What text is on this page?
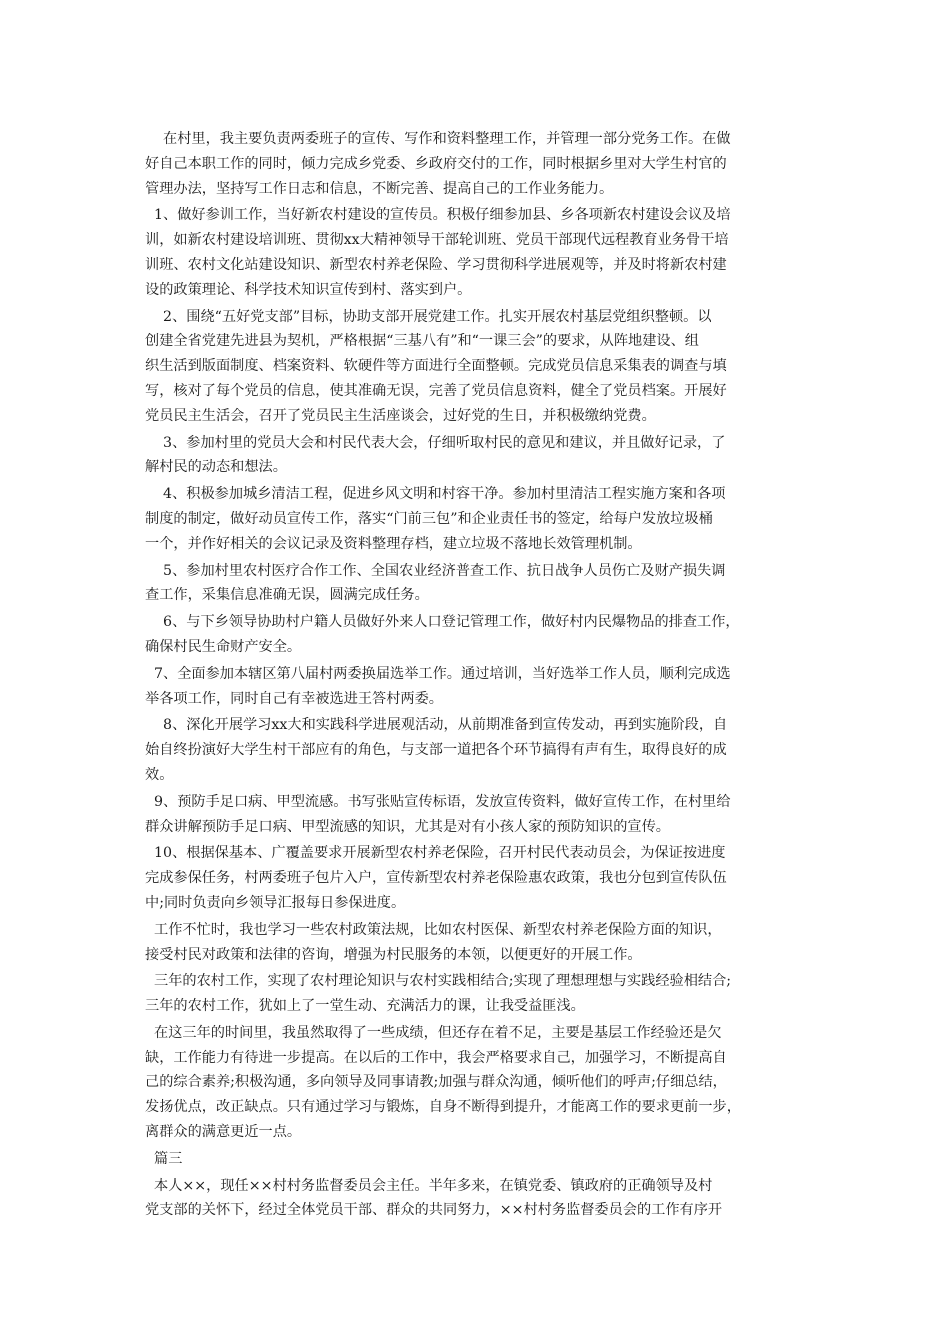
在村里，我主要负责两委班子的宣传、写作和资料整理工作，并管理一部分党务工作。在做
好自己本职工作的同时，倾力完成乡党委、乡政府交付的工作，同时根据乡里对大学生村官的
管理办法，坚持写工作日志和信息，不断完善、提高自己的工作业务能力。
1、做好参训工作，当好新农村建设的宣传员。积极仔细参加县、乡各项新农村建设会议及培
训，如新农村建设培训班、贯彻xx大精神领导干部轮训班、党员干部现代远程教育业务骨干培
训班、农村文化站建设知识、新型农村养老保险、学习贯彻科学进展观等，并及时将新农村建
设的政策理论、科学技术知识宣传到村、落实到户。
2、围绕“五好党支部”目标，协助支部开展党建工作。扎实开展农村基层党组织整顿。以
创建全省党建先进县为契机，严格根据“三基八有”和“一课三会”的要求，从阵地建设、组
织生活到版面制度、档案资料、软硬件等方面进行全面整顿。完成党员信息采集表的调查与填
写，核对了每个党员的信息，使其准确无误，完善了党员信息资料，健全了党员档案。开展好
党员民主生活会，召开了党员民主生活座谈会，过好党的生日，并积极缴纳党费。
3、参加村里的党员大会和村民代表大会，仔细听取村民的意见和建议，并且做好记录，了
解村民的动态和想法。
4、积极参加城乡清洁工程，促进乡风文明和村容干净。参加村里清洁工程实施方案和各项
制度的制定，做好动员宣传工作，落实“门前三包”和企业责任书的签定，给每户发放垃圾桶
一个，并作好相关的会议记录及资料整理存档，建立垃圾不落地长效管理机制。
5、参加村里农村医疗合作工作、全国农业经济普查工作、抗日战争人员伤亡及财产损失调
查工作，采集信息准确无误，圆满完成任务。
6、与下乡领导协助村户籍人员做好外来人口登记管理工作，做好村内民爆物品的排查工作，
确保村民生命财产安全。
7、全面参加本辖区第八届村两委换届选举工作。通过培训，当好选举工作人员，顺利完成选
举各项工作，同时自己有幸被选进王答村两委。
8、深化开展学习xx大和实践科学进展观活动，从前期准备到宣传发动，再到实施阶段，自
始自终扮演好大学生村干部应有的角色，与支部一道把各个环节搞得有声有生，取得良好的成
效。
9、预防手足口病、甲型流感。书写张贴宣传标语，发放宣传资料，做好宣传工作，在村里给
群众讲解预防手足口病、甲型流感的知识，尤其是对有小孩人家的预防知识的宣传。
10、根据保基本、广覆盖要求开展新型农村养老保险，召开村民代表动员会，为保证按进度
完成参保任务，村两委班子包片入户，宣传新型农村养老保险惠农政策，我也分包到宣传队伍
中;同时负责向乡领导汇报每日参保进度。
工作不忙时，我也学习一些农村政策法规，比如农村医保、新型农村养老保险方面的知识，
接受村民对政策和法律的咨询，增强为村民服务的本领，以便更好的开展工作。
三年的农村工作，实现了农村理论知识与农村实践相结合;实现了理想理想与实践经验相结合;
三年的农村工作，犹如上了一堂生动、充满活力的课，让我受益匪浅。
在这三年的时间里，我虽然取得了一些成绩，但还存在着不足，主要是基层工作经验还是欠
缺，工作能力有待进一步提高。在以后的工作中，我会严格要求自己，加强学习，不断提高自
己的综合素养;积极沟通，多向领导及同事请教;加强与群众沟通，倾听他们的呼声;仔细总结，
发扬优点，改正缺点。只有通过学习与锻炼，自身不断得到提升，才能离工作的要求更前一步，
离群众的满意更近一点。
篇三
本人××，现任××村村务监督委员会主任。半年多来，在镇党委、镇政府的正确领导及村
党支部的关怀下，经过全体党员干部、群众的共同努力，××村村务监督委员会的工作有序开
